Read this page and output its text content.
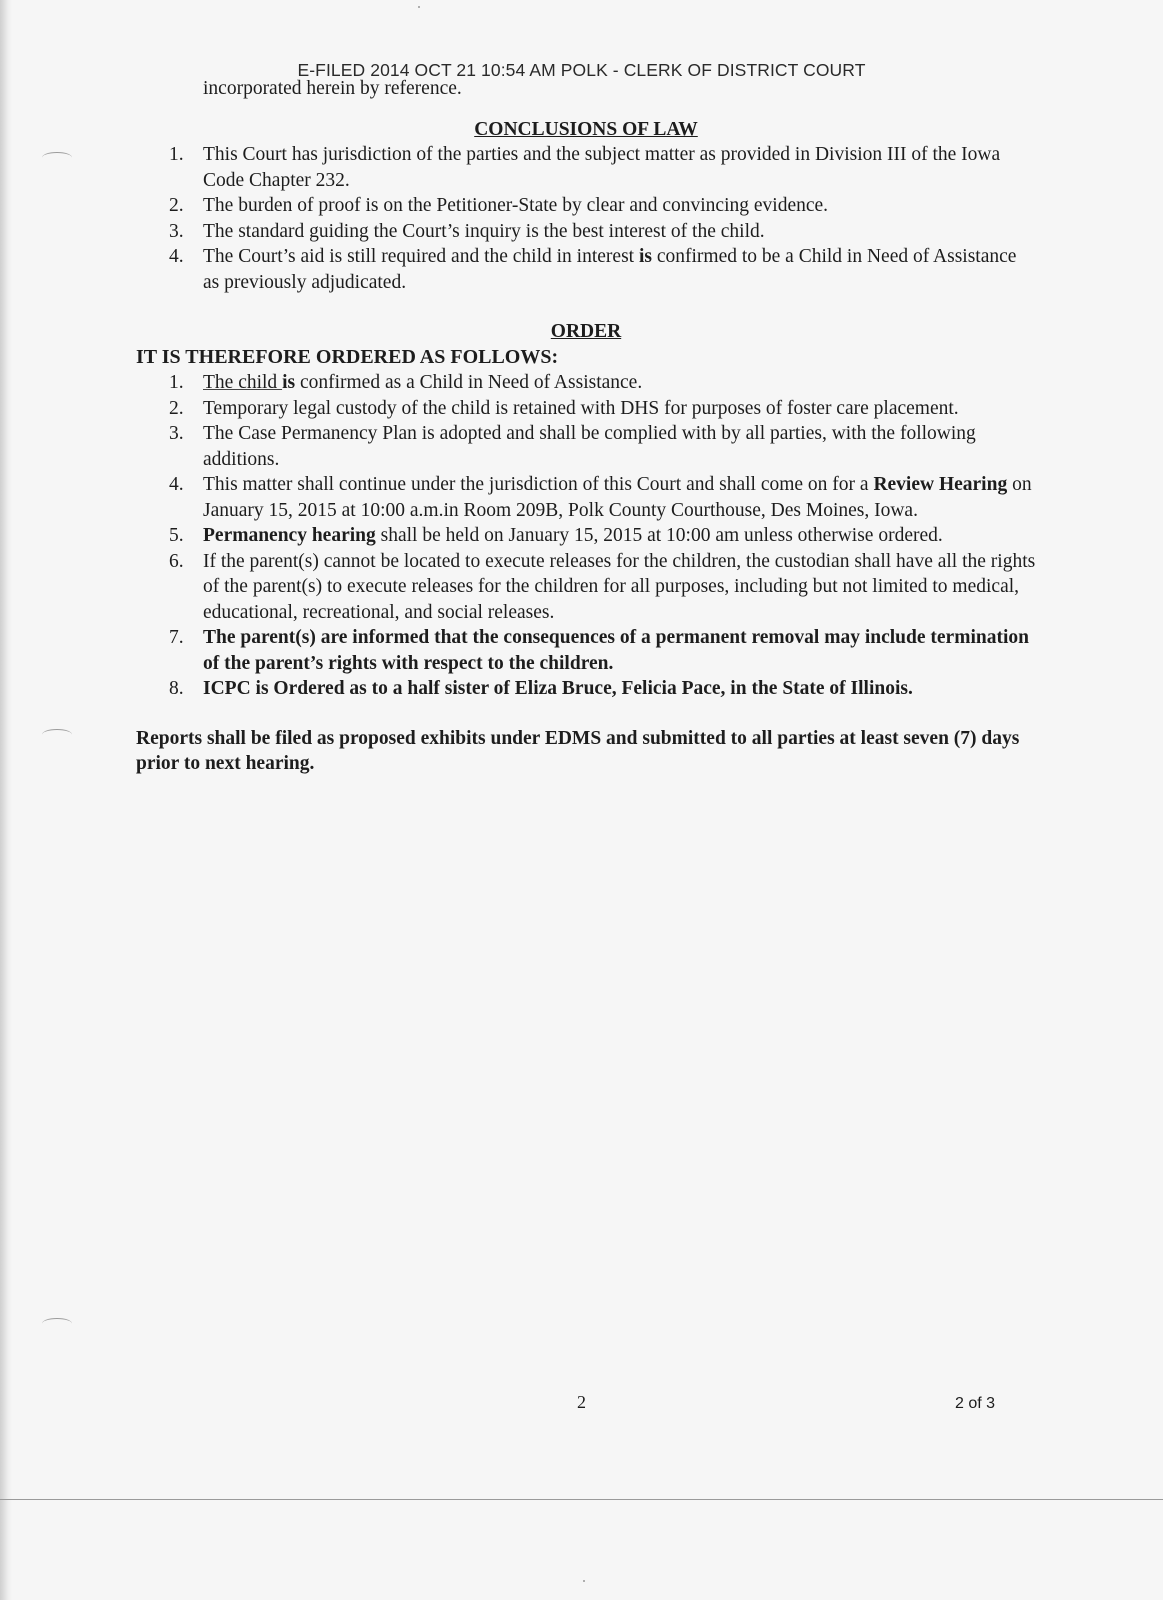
E-FILED 2014 OCT 21 10:54 AM POLK - CLERK OF DISTRICT COURT

incorporated herein by reference.

CONCLUSIONS OF LAW
1. This Court has jurisdiction of the parties and the subject matter as provided in Division III of the Iowa Code Chapter 232.
2. The burden of proof is on the Petitioner-State by clear and convincing evidence.
3. The standard guiding the Court’s inquiry is the best interest of the child.
4. The Court’s aid is still required and the child in interest is confirmed to be a Child in Need of Assistance as previously adjudicated.
ORDER

IT IS THEREFORE ORDERED AS FOLLOWS:

1. The child is confirmed as a Child in Need of Assistance.
2. Temporary legal custody of the child is retained with DHS for purposes of foster care placement.
3. The Case Permanency Plan is adopted and shall be complied with by all parties, with the following additions.
4. This matter shall continue under the jurisdiction of this Court and shall come on for a Review Hearing on January 15, 2015 at 10:00 a.m.in Room 209B, Polk County Courthouse, Des Moines, Iowa.
5. Permanency hearing shall be held on January 15, 2015 at 10:00 am unless otherwise ordered.
6. If the parent(s) cannot be located to execute releases for the children, the custodian shall have all the rights of the parent(s) to execute releases for the children for all purposes, including but not limited to medical, educational, recreational, and social releases.
7. The parent(s) are informed that the consequences of a permanent removal may include termination of the parent’s rights with respect to the children.
8. ICPC is Ordered as to a half sister of Eliza Bruce, Felicia Pace, in the State of Illinois.

Reports shall be filed as proposed exhibits under EDMS and submitted to all parties at least seven (7) days prior to next hearing.

2	2 of 3
